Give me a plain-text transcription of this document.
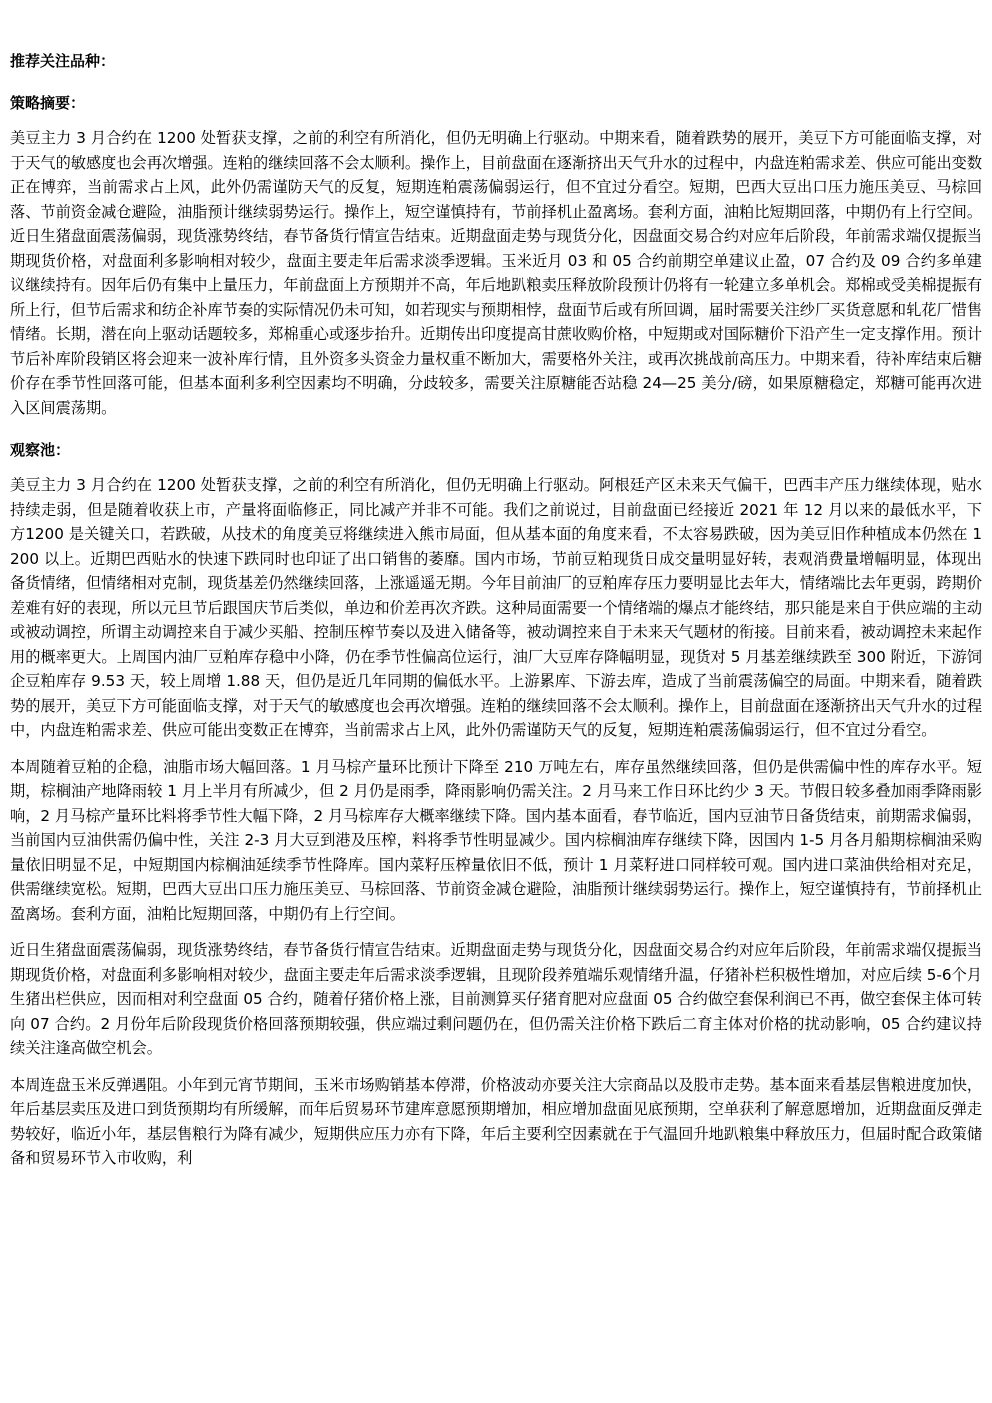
推荐关注品种：
策略摘要：

美豆主力 3 月合约在 1200 处暂获支撑，之前的利空有所消化，但仍无明确上行驱动。中期来看，随着跌势的展开，美豆下方可能面临支撑，对于天气的敏感度也会再次增强。连粕的继续回落不会太顺利。操作上，目前盘面在逐渐挤出天气升水的过程中，内盘连粕需求差、供应可能出变数正在博弈，当前需求占上风，此外仍需谨防天气的反复，短期连粕震荡偏弱运行，但不宜过分看空。短期，巴西大豆出口压力施压美豆、马棕回落、节前资金减仓避险，油脂预计继续弱势运行。操作上，短空谨慎持有，节前择机止盈离场。套利方面，油粕比短期回落，中期仍有上行空间。近日生猪盘面震荡偏弱，现货涨势终结，春节备货行情宣告结束。近期盘面走势与现货分化，因盘面交易合约对应年后阶段，年前需求端仅提振当期现货价格，对盘面利多影响相对较少，盘面主要走年后需求淡季逻辑。玉米近月 03 和 05 合约前期空单建议止盈，07 合约及 09 合约多单建议继续持有。因年后仍有集中上量压力，年前盘面上方预期并不高，年后地趴粮卖压释放阶段预计仍将有一轮建立多单机会。郑棉或受美棉提振有所上行，但节后需求和纺企补库节奏的实际情况仍未可知，如若现实与预期相悖，盘面节后或有所回调，届时需要关注纱厂买货意愿和轧花厂惜售情绪。长期，潜在向上驱动话题较多，郑棉重心或逐步抬升。近期传出印度提高甘蔗收购价格，中短期或对国际糖价下沿产生一定支撑作用。预计节后补库阶段销区将会迎来一波补库行情，且外资多头资金力量权重不断加大，需要格外关注，或再次挑战前高压力。中期来看，待补库结束后糖价存在季节性回落可能，但基本面利多利空因素均不明确，分歧较多，需要关注原糖能否站稳 24—25 美分/磅，如果原糖稳定，郑糖可能再次进入区间震荡期。

观察池：

美豆主力 3 月合约在 1200 处暂获支撑，之前的利空有所消化，但仍无明确上行驱动。阿根廷产区未来天气偏干，巴西丰产压力继续体现，贴水持续走弱，但是随着收获上市，产量将面临修正，同比减产并非不可能。我们之前说过，目前盘面已经接近 2021 年 12 月以来的最低水平，下方1200 是关键关口，若跌破，从技术的角度美豆将继续进入熊市局面，但从基本面的角度来看，不太容易跌破，因为美豆旧作种植成本仍然在 1200 以上。近期巴西贴水的快速下跌同时也印证了出口销售的萎靡。国内市场，节前豆粕现货日成交量明显好转，表观消费量增幅明显，体现出备货情绪，但情绪相对克制，现货基差仍然继续回落，上涨遥遥无期。今年目前油厂的豆粕库存压力要明显比去年大，情绪端比去年更弱，跨期价差难有好的表现，所以元旦节后跟国庆节后类似，单边和价差再次齐跌。这种局面需要一个情绪端的爆点才能终结，那只能是来自于供应端的主动或被动调控，所谓主动调控来自于减少买船、控制压榨节奏以及进入储备等，被动调控来自于未来天气题材的衔接。目前来看，被动调控未来起作用的概率更大。上周国内油厂豆粕库存稳中小降，仍在季节性偏高位运行，油厂大豆库存降幅明显，现货对 5 月基差继续跌至 300 附近，下游饲企豆粕库存 9.53 天，较上周增 1.88 天，但仍是近几年同期的偏低水平。上游累库、下游去库，造成了当前震荡偏空的局面。中期来看，随着跌势的展开，美豆下方可能面临支撑，对于天气的敏感度也会再次增强。连粕的继续回落不会太顺利。操作上，目前盘面在逐渐挤出天气升水的过程中，内盘连粕需求差、供应可能出变数正在博弈，当前需求占上风，此外仍需谨防天气的反复，短期连粕震荡偏弱运行，但不宜过分看空。

本周随着豆粕的企稳，油脂市场大幅回落。1 月马棕产量环比预计下降至 210 万吨左右，库存虽然继续回落，但仍是供需偏中性的库存水平。短期，棕榈油产地降雨较 1 月上半月有所减少，但 2 月仍是雨季，降雨影响仍需关注。2 月马来工作日环比约少 3 天。节假日较多叠加雨季降雨影响，2 月马棕产量环比料将季节性大幅下降，2 月马棕库存大概率继续下降。国内基本面看，春节临近，国内豆油节日备货结束，前期需求偏弱，当前国内豆油供需仍偏中性，关注 2-3 月大豆到港及压榨，料将季节性明显减少。国内棕榈油库存继续下降，因国内 1-5 月各月船期棕榈油采购量依旧明显不足，中短期国内棕榈油延续季节性降库。国内菜籽压榨量依旧不低，预计 1 月菜籽进口同样较可观。国内进口菜油供给相对充足，供需继续宽松。短期，巴西大豆出口压力施压美豆、马棕回落、节前资金减仓避险，油脂预计继续弱势运行。操作上，短空谨慎持有，节前择机止盈离场。套利方面，油粕比短期回落，中期仍有上行空间。

近日生猪盘面震荡偏弱，现货涨势终结，春节备货行情宣告结束。近期盘面走势与现货分化，因盘面交易合约对应年后阶段，年前需求端仅提振当期现货价格，对盘面利多影响相对较少，盘面主要走年后需求淡季逻辑，且现阶段养殖端乐观情绪升温，仔猪补栏积极性增加，对应后续 5-6个月生猪出栏供应，因而相对利空盘面 05 合约，随着仔猪价格上涨，目前测算买仔猪育肥对应盘面 05 合约做空套保利润已不再，做空套保主体可转向 07 合约。2 月份年后阶段现货价格回落预期较强，供应端过剩问题仍在，但仍需关注价格下跌后二育主体对价格的扰动影响，05 合约建议持续关注逢高做空机会。

本周连盘玉米反弹遇阻。小年到元宵节期间，玉米市场购销基本停滞，价格波动亦要关注大宗商品以及股市走势。基本面来看基层售粮进度加快，年后基层卖压及进口到货预期均有所缓解，而年后贸易环节建库意愿预期增加，相应增加盘面见底预期，空单获利了解意愿增加，近期盘面反弹走势较好，临近小年，基层售粮行为降有减少，短期供应压力亦有下降，年后主要利空因素就在于气温回升地趴粮集中释放压力，但届时配合政策储备和贸易环节入市收购，利
